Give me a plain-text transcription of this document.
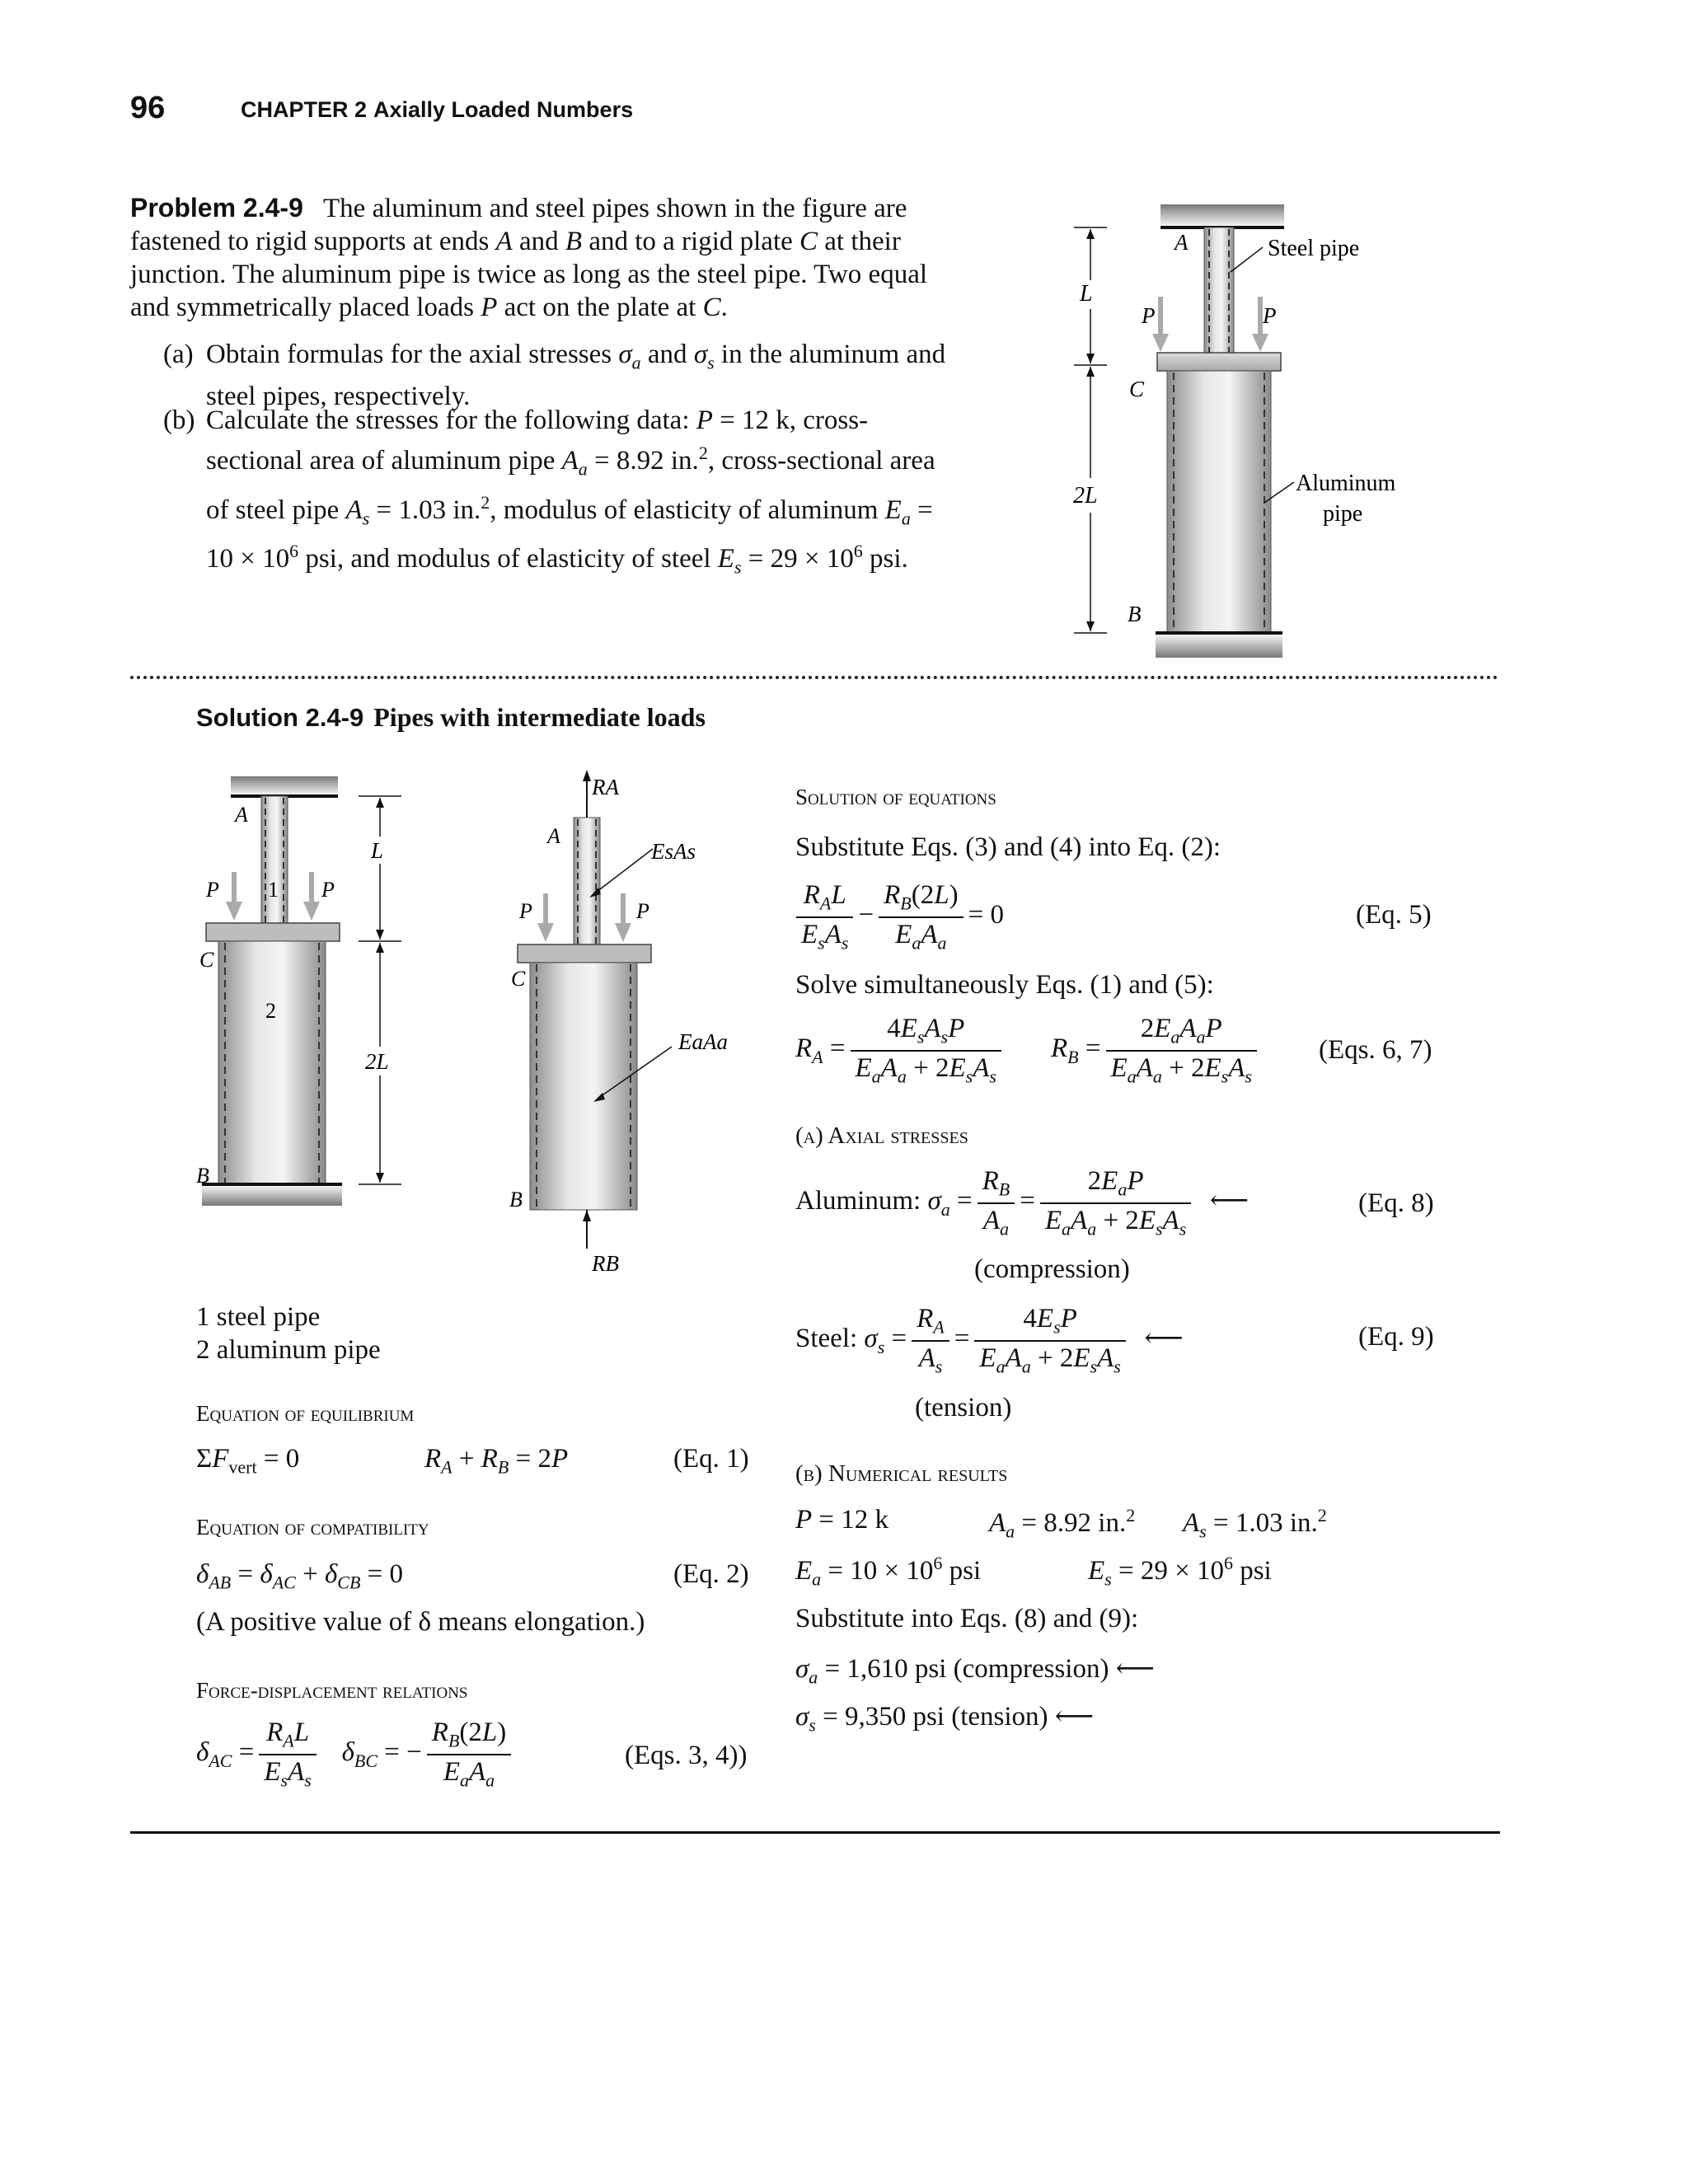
96	CHAPTER 2 Axially Loaded Numbers
Problem 2.4-9 The aluminum and steel pipes shown in the figure are fastened to rigid supports at ends A and B and to a rigid plate C at their junction. The aluminum pipe is twice as long as the steel pipe. Two equal and symmetrically placed loads P act on the plate at C.
(a) Obtain formulas for the axial stresses $\sigma_a$ and $\sigma_s$ in the aluminum and steel pipes, respectively.
(b) Calculate the stresses for the following data: P = 12 k, cross-sectional area of aluminum pipe $A_a = 8.92$ in.$^2$, cross-sectional area of steel pipe $A_s = 1.03$ in.$^2$, modulus of elasticity of aluminum $E_a = 10 \times 10^6$ psi, and modulus of elasticity of steel $E_s = 29 \times 10^6$ psi.
A
P	P
C
B
L
2L
Steel pipe
Aluminum
pipe
Solution 2.4-9 Pipes with intermediate loads
A
P	P
1
C
2
B
L
2L
RA
A
P	P
C
B
RB
EsAs
EaAa
1 steel pipe
2 aluminum pipe
Equation of equilibrium
$\Sigma F_{vert} = 0$	$R_A + R_B = 2P$	(Eq. 1)
Equation of compatibility
$\delta_{AB} = \delta_{AC} + \delta_{CB} = 0$	(Eq. 2)
(A positive value of δ means elongation.)
Force-displacement relations
$\delta_{AC} = \frac{R_AL}{E_sA_s} \delta_{BC}$ = − $\frac{R_B(2L)}{E_aA_a}$	(Eqs. 3, 4))
Solution of equations
Substitute Eqs. (3) and (4) into Eq. (2):
$\frac{R_AL}{E_sA_s} - \frac{R_B(2L)}{E_aA_a} = 0$	(Eq. 5)
Solve simultaneously Eqs. (1) and (5):
$R_A = \frac{4E_sA_sP}{E_aA_a + 2E_sA_s} R_B = \frac{2E_aA_aP}{E_aA_a + 2E_sA_s} (Eqs$. 6, 7)
(a) Axial stresses
Aluminum: $\sigma_a = \frac{R_B}{A_a} = \frac{2E_aP}{E_aA_a + 2E_sA_s}$ ⟵	(Eq. 8)
(compression)
Steel: $\sigma_s = \frac{R_A}{A_s} = \frac{4E_sP}{E_aA_a + 2E_sA_s}$ ⟵	(Eq. 9)
(tension)
(b) Numerical results
P = 12 k	$A_a = 8.92$ in.$^2$ $A_s = 1.03$ in.$^2$
$E_a = 10 \times 10^6$ psi	$E_s = 29 \times 10^6$ psi
Substitute into Eqs. (8) and (9):
$\sigma_a = 1,610$ psi (compression) ⟵
$\sigma_s = 9,350$ psi (tension) ⟵
